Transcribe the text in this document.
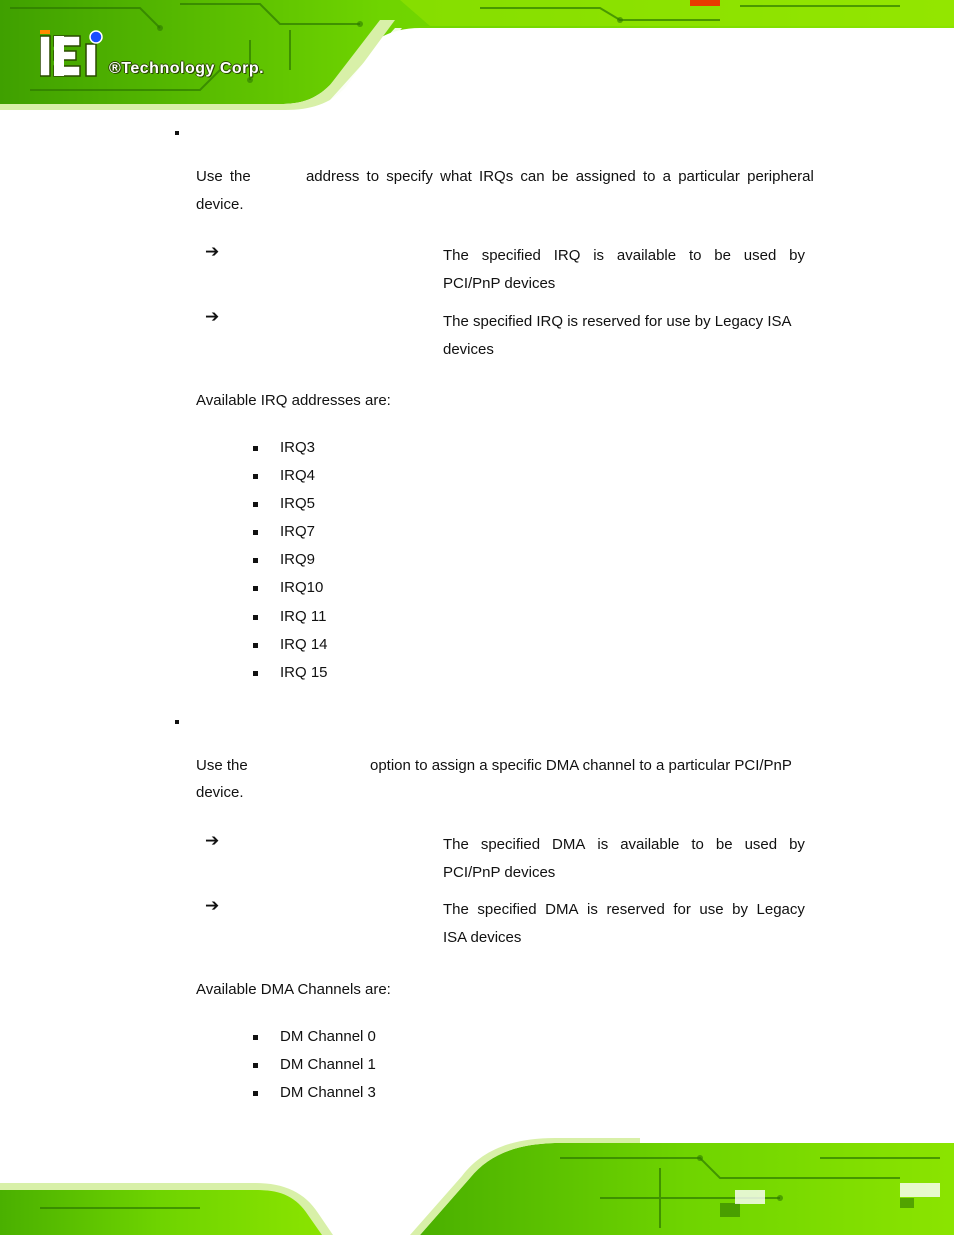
®Technology Corp.
Use the	address to specify what IRQs can be assigned to a particular peripheral
device.
➔	The specified IRQ is available to be used by
PCI/PnP devices
➔	The specified IRQ is reserved for use by Legacy ISA
devices
Available IRQ addresses are:
IRQ3
IRQ4
IRQ5
IRQ7
IRQ9
IRQ10
IRQ 11
IRQ 14
IRQ 15
Use the	option to assign a specific DMA channel to a particular PCI/PnP
device.
➔	The specified DMA is available to be used by
PCI/PnP devices
➔	The specified DMA is reserved for use by Legacy
ISA devices
Available DMA Channels are:
DM Channel 0
DM Channel 1
DM Channel 3
